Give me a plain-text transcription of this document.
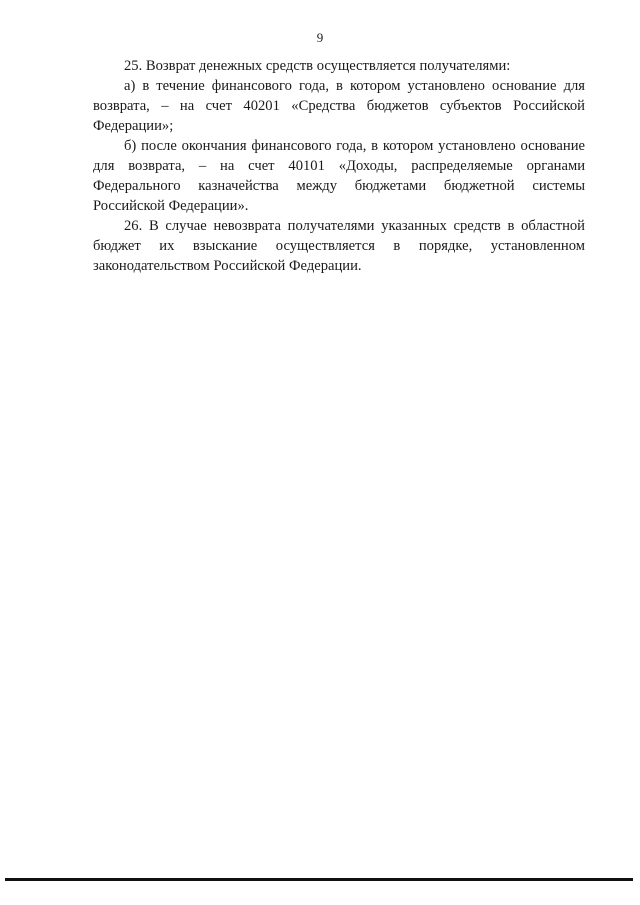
9

25. Возврат денежных средств осуществляется получателями:

а) в течение финансового года, в котором установлено основание для возврата, – на счет 40201 «Средства бюджетов субъектов Российской Федерации»;

б) после окончания финансового года, в котором установлено основание для возврата, – на счет 40101 «Доходы, распределяемые органами Федерального казначейства между бюджетами бюджетной системы Российской Федерации».

26. В случае невозврата получателями указанных средств в областной бюджет их взыскание осуществляется в порядке, установленном законодательством Российской Федерации.
